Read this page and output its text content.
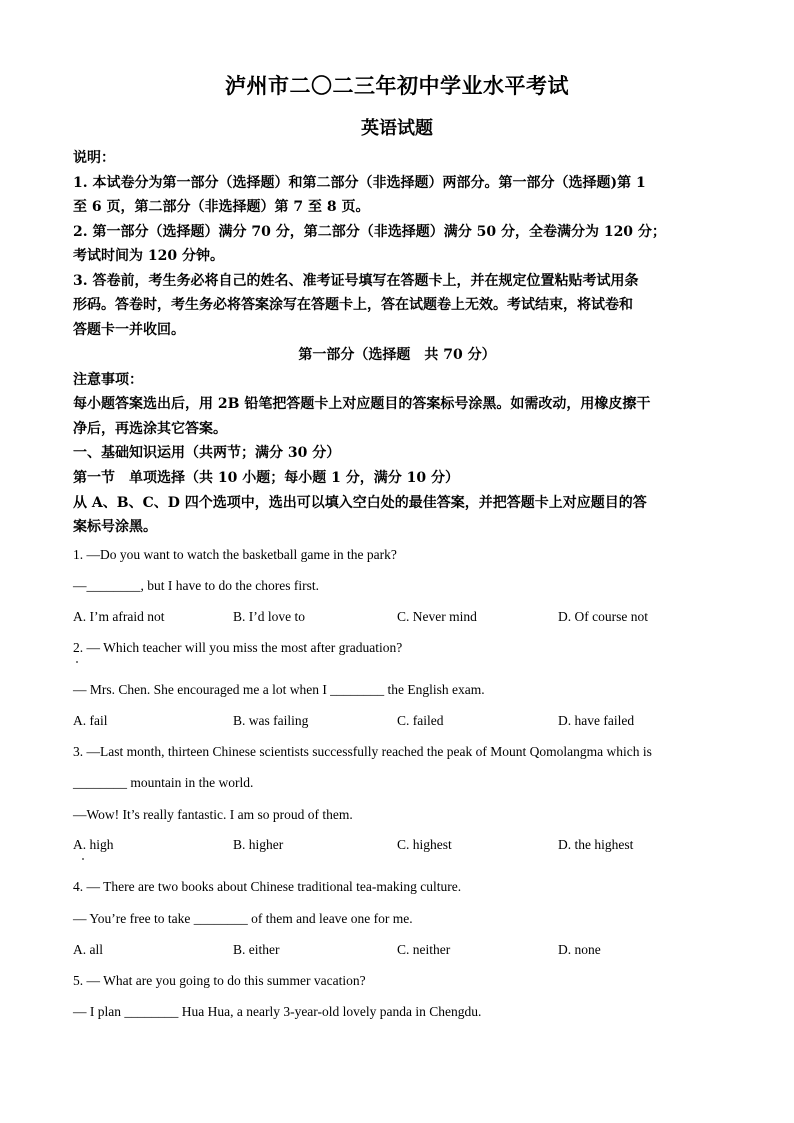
泸州市二〇二三年初中学业水平考试
英语试题
说明：
1. 本试卷分为第一部分（选择题）和第二部分（非选择题）两部分。第一部分（选择题)第 1
至 6 页，第二部分（非选择题）第 7 至 8 页。
2. 第一部分（选择题）满分 70 分，第二部分（非选择题）满分 50 分，全卷满分为 120 分；
考试时间为 120 分钟。
3. 答卷前，考生务必将自己的姓名、准考证号填写在答题卡上，并在规定位置粘贴考试用条
形码。答卷时，考生务必将答案涂写在答题卡上，答在试题卷上无效。考试结束，将试卷和
答题卡一并收回。
第一部分（选择题　共 70 分）
注意事项：
每小题答案选出后，用 2B 铅笔把答题卡上对应题目的答案标号涂黑。如需改动，用橡皮擦干
净后，再选涂其它答案。
一、基础知识运用（共两节；满分 30 分）
第一节　单项选择（共 10 小题；每小题 1 分，满分 10 分）
从 A、B、C、D 四个选项中，选出可以填入空白处的最佳答案，并把答题卡上对应题目的答
案标号涂黑。
1. —Do you want to watch the basketball game in the park?
—________, but I have to do the chores first.
A. I’m afraid not	B. I’d love to	C. Never mind	D. Of course not
2. — Which teacher will you miss the most after graduation?
— Mrs. Chen. She encouraged me a lot when I ________ the English exam.
A. fail	B. was failing	C. failed	D. have failed
3. —Last month, thirteen Chinese scientists successfully reached the peak of Mount Qomolangma which is
________ mountain in the world.
—Wow! It’s really fantastic. I am so proud of them.
A. high	B. higher	C. highest	D. the highest
4. — There are two books about Chinese traditional tea-making culture.
— You’re free to take ________ of them and leave one for me.
A. all	B. either	C. neither	D. none
5. — What are you going to do this summer vacation?
— I plan ________ Hua Hua, a nearly 3-year-old lovely panda in Chengdu.
